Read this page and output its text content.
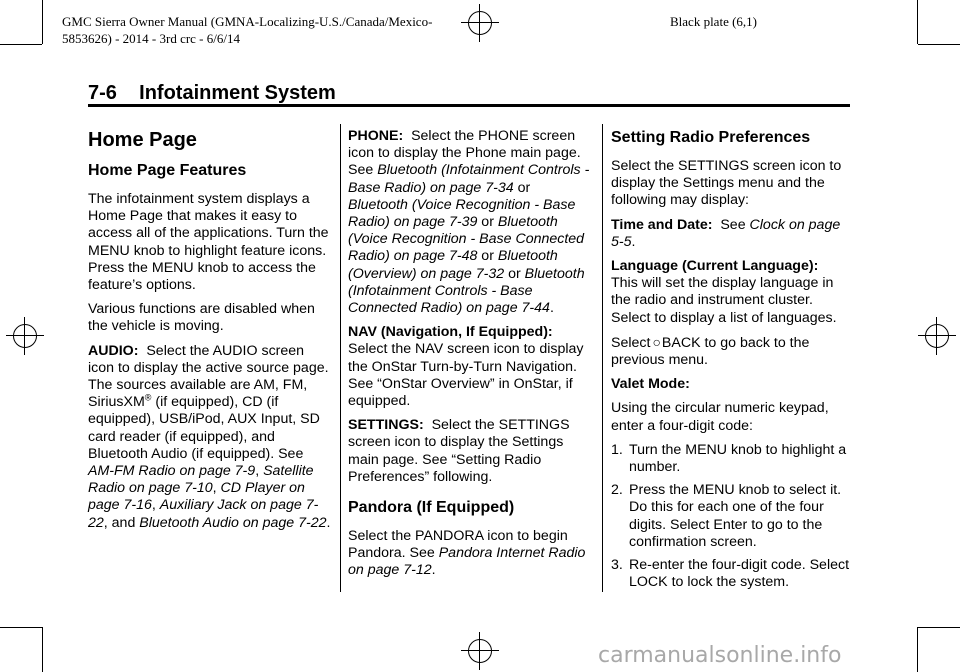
GMC Sierra Owner Manual (GMNA-Localizing-U.S./Canada/Mexico-
5853626) - 2014 - 3rd crc - 6/6/14
Black plate (6,1)
7-6    Infotainment System
Home Page
Home Page Features

The infotainment system displays a Home Page that makes it easy to access all of the applications. Turn the MENU knob to highlight feature icons. Press the MENU knob to access the feature’s options.

Various functions are disabled when the vehicle is moving.

AUDIO: Select the AUDIO screen icon to display the active source page. The sources available are AM, FM, SiriusXM® (if equipped), CD (if equipped), USB/iPod, AUX Input, SD card reader (if equipped), and Bluetooth Audio (if equipped). See AM-FM Radio on page 7-9, Satellite Radio on page 7-10, CD Player on page 7-16, Auxiliary Jack on page 7-22, and Bluetooth Audio on page 7-22.

PHONE: Select the PHONE screen icon to display the Phone main page. See Bluetooth (Infotainment Controls - Base Radio) on page 7-34 or Bluetooth (Voice Recognition - Base Radio) on page 7-39 or Bluetooth (Voice Recognition - Base Connected Radio) on page 7-48 or Bluetooth (Overview) on page 7-32 or Bluetooth (Infotainment Controls - Base Connected Radio) on page 7-44.

NAV (Navigation, If Equipped):
Select the NAV screen icon to display the OnStar Turn-by-Turn Navigation. See “OnStar Overview” in OnStar, if equipped.

SETTINGS: Select the SETTINGS screen icon to display the Settings main page. See “Setting Radio Preferences” following.

Pandora (If Equipped)

Select the PANDORA icon to begin Pandora. See Pandora Internet Radio on page 7-12.

Setting Radio Preferences

Select the SETTINGS screen icon to display the Settings menu and the following may display:

Time and Date: See Clock on page 5-5.

Language (Current Language):
This will set the display language in the radio and instrument cluster. Select to display a list of languages.

Select ○BACK to go back to the previous menu.

Valet Mode:

Using the circular numeric keypad, enter a four-digit code:

1. Turn the MENU knob to highlight a number.
2. Press the MENU knob to select it. Do this for each one of the four digits. Select Enter to go to the confirmation screen.
3. Re-enter the four-digit code. Select LOCK to lock the system.
carmanualsonline.info
